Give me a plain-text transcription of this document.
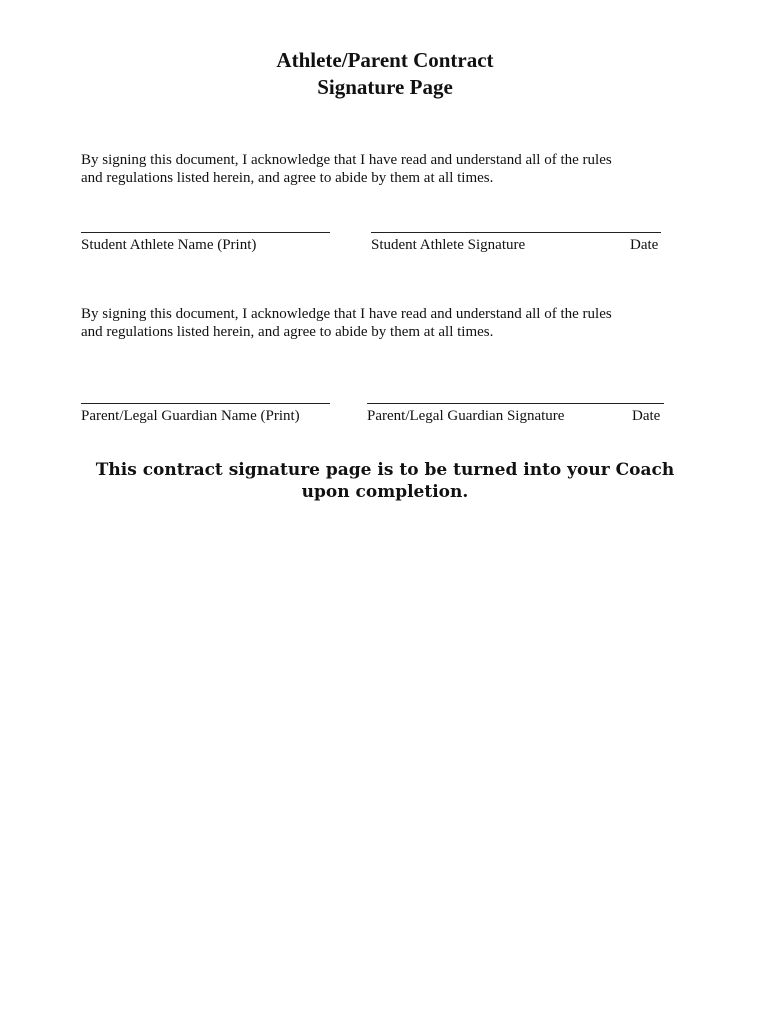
Athlete/Parent Contract
Signature Page
By signing this document, I acknowledge that I have read and understand all of the rules
and regulations listed herein, and agree to abide by them at all times.
Student Athlete Name (Print)	Student Athlete Signature	Date
By signing this document, I acknowledge that I have read and understand all of the rules
and regulations listed herein, and agree to abide by them at all times.
Parent/Legal Guardian Name (Print)	Parent/Legal Guardian Signature	Date
This contract signature page is to be turned into your Coach
upon completion.
